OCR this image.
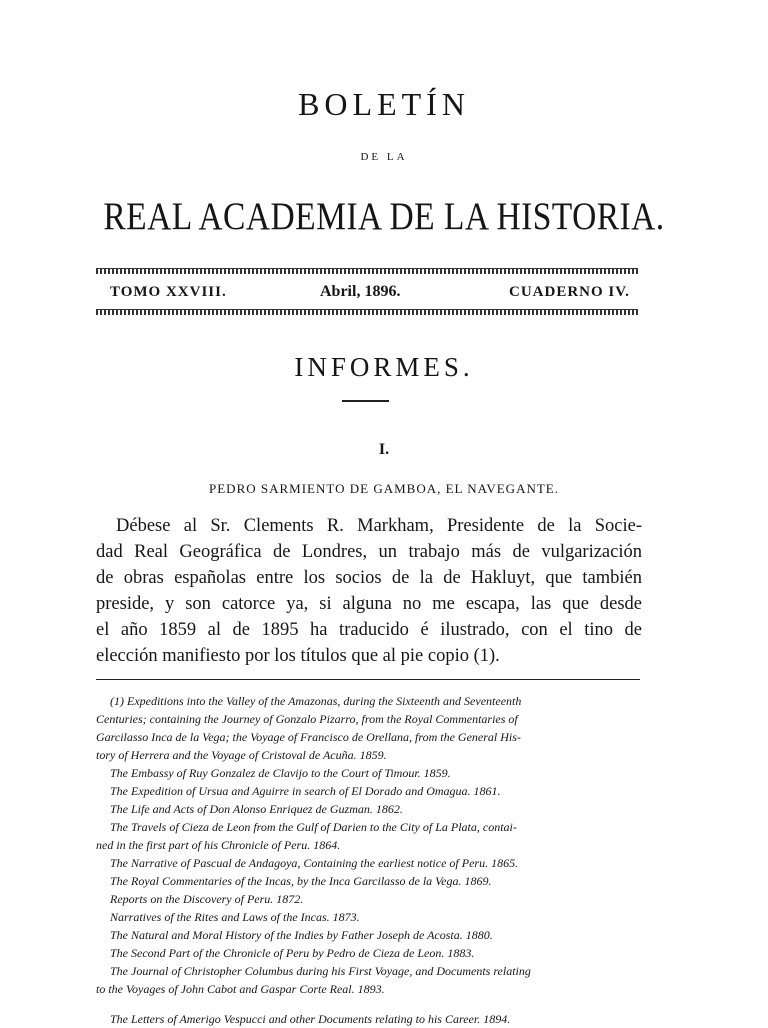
BOLETÍN
DE LA
REAL ACADEMIA DE LA HISTORIA.
TOMO XXVIII.	Abril, 1896.	CUADERNO IV.
INFORMES.
I.
PEDRO SARMIENTO DE GAMBOA, EL NAVEGANTE.
Débese al Sr. Clements R. Markham, Presidente de la Socie-
dad Real Geográfica de Londres, un trabajo más de vulgarización
de obras españolas entre los socios de la de Hakluyt, que también
preside, y son catorce ya, si alguna no me escapa, las que desde
el año 1859 al de 1895 ha traducido é ilustrado, con el tino de
elección manifiesto por los títulos que al pie copio (1).
(1) Expeditions into the Valley of the Amazonas, during the Sixteenth and Seventeenth
Centuries; containing the Journey of Gonzalo Pizarro, from the Royal Commentaries of
Garcilasso Inca de la Vega; the Voyage of Francisco de Orellana, from the General His-
tory of Herrera and the Voyage of Cristoval de Acuña. 1859.
The Embassy of Ruy Gonzalez de Clavijo to the Court of Timour. 1859.
The Expedition of Ursua and Aguirre in search of El Dorado and Omagua. 1861.
The Life and Acts of Don Alonso Enriquez de Guzman. 1862.
The Travels of Cieza de Leon from the Gulf of Darien to the City of La Plata, contai-
ned in the first part of his Chronicle of Peru. 1864.
The Narrative of Pascual de Andagoya, Containing the earliest notice of Peru. 1865.
The Royal Commentaries of the Incas, by the Inca Garcilasso de la Vega. 1869.
Reports on the Discovery of Peru. 1872.
Narratives of the Rites and Laws of the Incas. 1873.
The Natural and Moral History of the Indies by Father Joseph de Acosta. 1880.
The Second Part of the Chronicle of Peru by Pedro de Cieza de Leon. 1883.
The Journal of Christopher Columbus during his First Voyage, and Documents relating
to the Voyages of John Cabot and Gaspar Corte Real. 1893.
The Letters of Amerigo Vespucci and other Documents relating to his Career. 1894.
